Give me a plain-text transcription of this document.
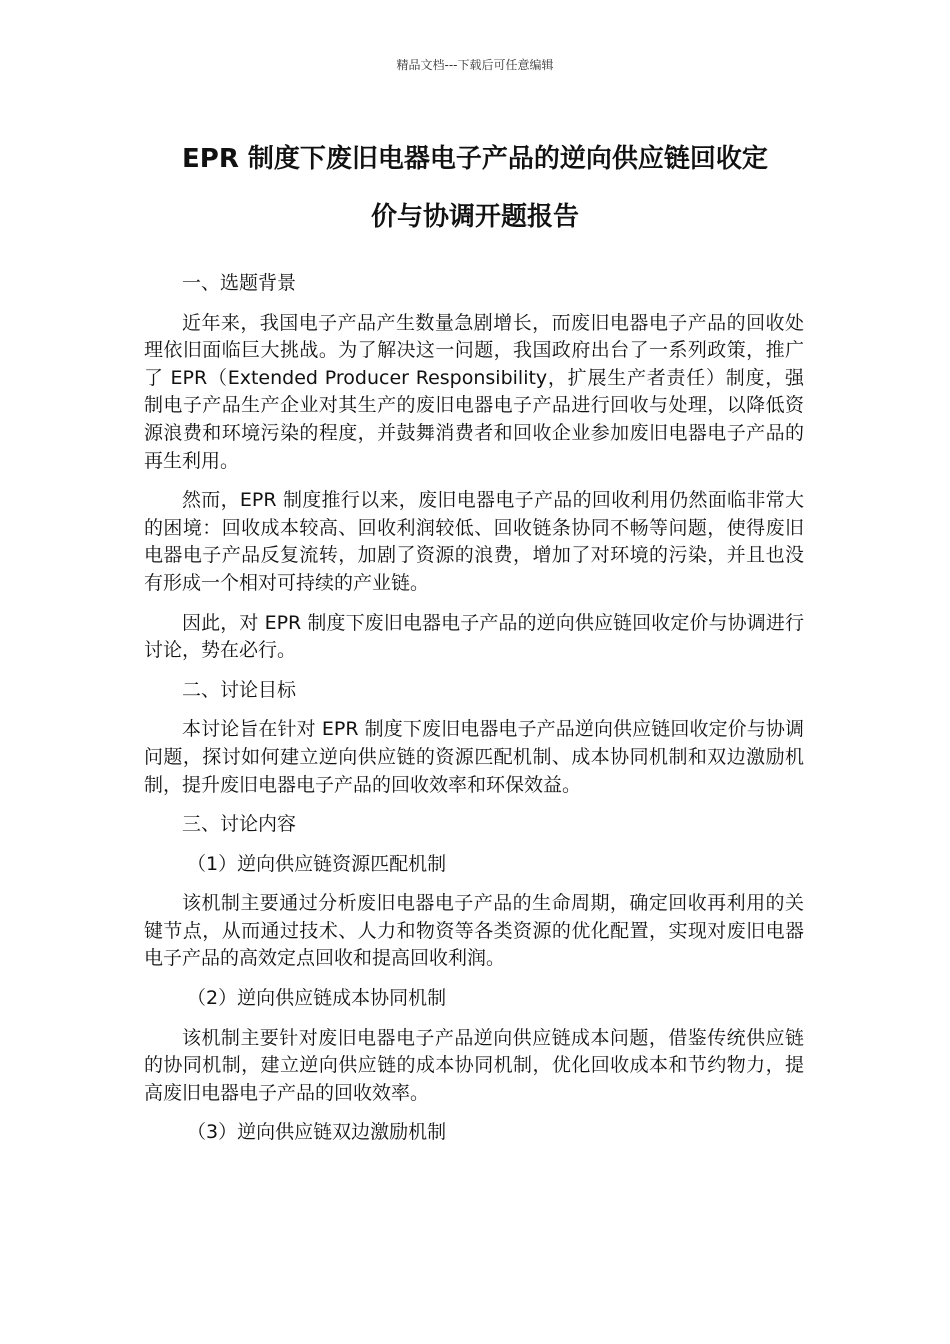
精品文档---下载后可任意编辑
EPR 制度下废旧电器电子产品的逆向供应链回收定
价与协调开题报告

一、选题背景

近年来，我国电子产品产生数量急剧增长，而废旧电器电子产品的回收处理依旧面临巨大挑战。为了解决这一问题，我国政府出台了一系列政策，推广了 EPR（Extended Producer Responsibility，扩展生产者责任）制度，强制电子产品生产企业对其生产的废旧电器电子产品进行回收与处理，以降低资源浪费和环境污染的程度，并鼓舞消费者和回收企业参加废旧电器电子产品的再生利用。

然而，EPR 制度推行以来，废旧电器电子产品的回收利用仍然面临非常大的困境：回收成本较高、回收利润较低、回收链条协同不畅等问题，使得废旧电器电子产品反复流转，加剧了资源的浪费，增加了对环境的污染，并且也没有形成一个相对可持续的产业链。

因此，对 EPR 制度下废旧电器电子产品的逆向供应链回收定价与协调进行讨论，势在必行。

二、讨论目标

本讨论旨在针对 EPR 制度下废旧电器电子产品逆向供应链回收定价与协调问题，探讨如何建立逆向供应链的资源匹配机制、成本协同机制和双边激励机制，提升废旧电器电子产品的回收效率和环保效益。

三、讨论内容

（1）逆向供应链资源匹配机制

该机制主要通过分析废旧电器电子产品的生命周期，确定回收再利用的关键节点，从而通过技术、人力和物资等各类资源的优化配置，实现对废旧电器电子产品的高效定点回收和提高回收利润。

（2）逆向供应链成本协同机制

该机制主要针对废旧电器电子产品逆向供应链成本问题，借鉴传统供应链的协同机制，建立逆向供应链的成本协同机制，优化回收成本和节约物力，提高废旧电器电子产品的回收效率。

（3）逆向供应链双边激励机制
